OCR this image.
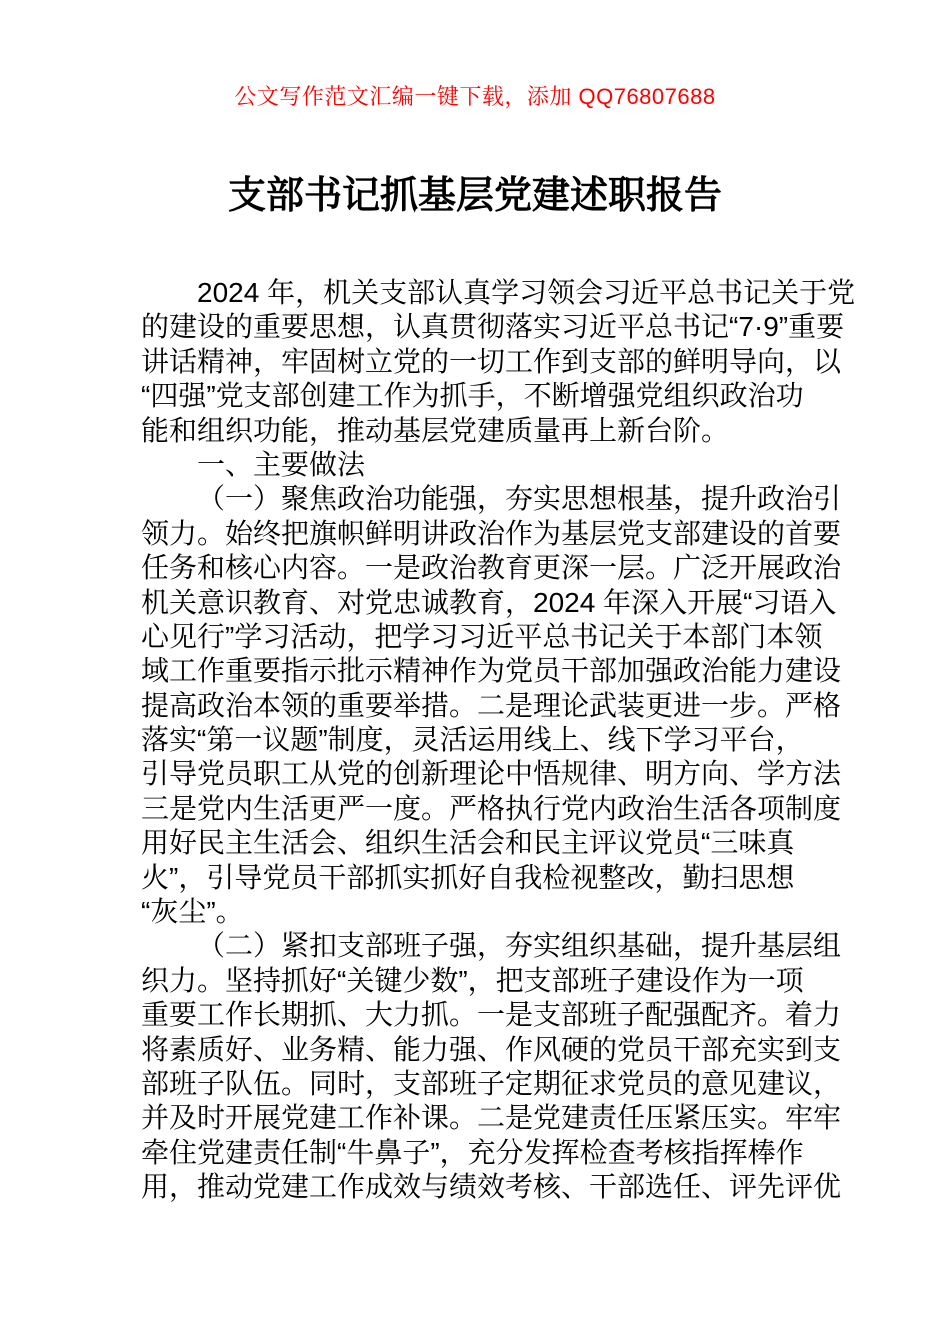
公文写作范文汇编一键下载，添加 QQ76807688
支部书记抓基层党建述职报告
2024 年，机关支部认真学习领会习近平总书记关于党
的建设的重要思想，认真贯彻落实习近平总书记“7·9”重要
讲话精神，牢固树立党的一切工作到支部的鲜明导向，以
“四强”党支部创建工作为抓手，不断增强党组织政治功
能和组织功能，推动基层党建质量再上新台阶。
一、主要做法
（一）聚焦政治功能强，夯实思想根基，提升政治引
领力。始终把旗帜鲜明讲政治作为基层党支部建设的首要
任务和核心内容。一是政治教育更深一层。广泛开展政治
机关意识教育、对党忠诚教育，2024 年深入开展“习语入
心见行”学习活动，把学习习近平总书记关于本部门本领
域工作重要指示批示精神作为党员干部加强政治能力建设
提高政治本领的重要举措。二是理论武装更进一步。严格
落实“第一议题”制度，灵活运用线上、线下学习平台，
引导党员职工从党的创新理论中悟规律、明方向、学方法
三是党内生活更严一度。严格执行党内政治生活各项制度
用好民主生活会、组织生活会和民主评议党员“三味真
火”，引导党员干部抓实抓好自我检视整改，勤扫思想
“灰尘”。
（二）紧扣支部班子强，夯实组织基础，提升基层组
织力。坚持抓好“关键少数”，把支部班子建设作为一项
重要工作长期抓、大力抓。一是支部班子配强配齐。着力
将素质好、业务精、能力强、作风硬的党员干部充实到支
部班子队伍。同时，支部班子定期征求党员的意见建议，
并及时开展党建工作补课。二是党建责任压紧压实。牢牢
牵住党建责任制“牛鼻子”，充分发挥检查考核指挥棒作
用，推动党建工作成效与绩效考核、干部选任、评先评优
